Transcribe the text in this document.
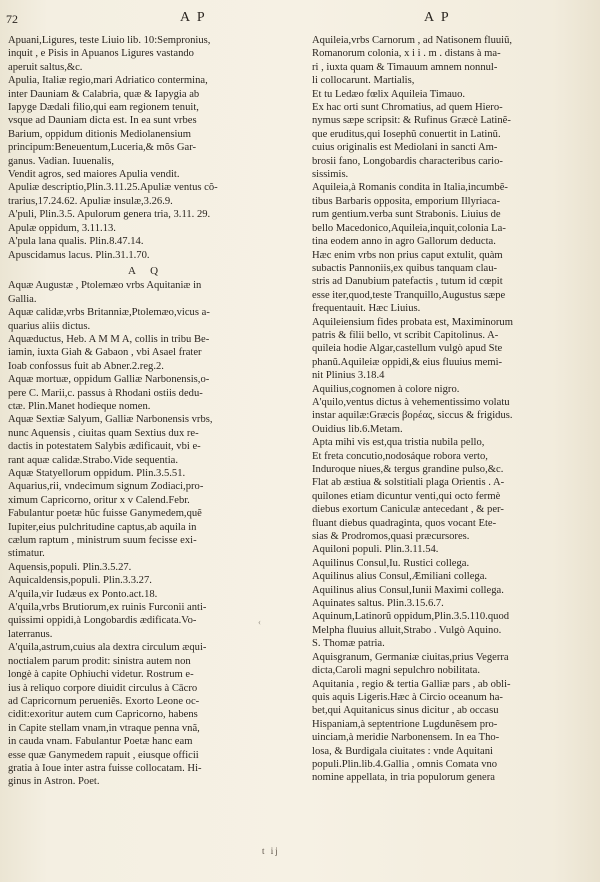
72	A P	A P

Apuani,Ligures, teste Liuio lib. 10:Sempronius,
inquit , e Pisis in Apuanos Ligures vastando
aperuit saltus,&c.

Apulia, Italiæ regio,mari Adriatico contermina,
inter Dauniam & Calabria, quæ & Iapygia ab
Iapyge Dædali filio,qui eam regionem tenuit,
vsque ad Dauniam dicta est. In ea sunt vrbes
Barium, oppidum ditionis Mediolanensium
principum:Beneuentum,Luceria,& mõs Gar-
ganus. Vadian. Iuuenalis,

Vendit agros, sed maiores Apulia vendit.

Apuliæ descriptio,Plin.3.11.25.Apuliæ ventus cõ-
trarius,17.24.62. Apuliæ insulæ,3.26.9.

A'puli, Plin.3.5. Apulorum genera tria, 3.11. 29.
Apulæ oppidum, 3.11.13.

A'pula lana qualis. Plin.8.47.14.

Apuscidamus lacus. Plin.31.1.70.

A Q

Aquæ Augustæ , Ptolemæo vrbs Aquitaniæ in
Gallia.

Aquæ calidæ,vrbs Britanniæ,Ptolemæo,vicus a-
quarius aliis dictus.

Aquæductus, Heb. A M M A, collis in tribu Be-
iamin, iuxta Giah & Gabaon , vbi Asael frater
Ioab confossus fuit ab Abner.2.reg.2.

Aquæ mortuæ, oppidum Galliæ Narbonensis,o-
pere C. Marii,c. passus à Rhodani ostiis dedu-
ctæ. Plin.Manet hodieque nomen.

Aquæ Sextiæ Salyum, Galliæ Narbonensis vrbs,
nunc Aquensis , ciuitas quam Sextius dux re-
dactis in potestatem Salybis ædificauit, vbi e-
rant aquæ calidæ.Strabo.Vide sequentia.

Aquæ Statyellorum oppidum. Plin.3.5.51.

Aquarius,rii, vndecimum signum Zodiaci,pro-
ximum Capricorno, oritur x v Calend.Febr.
Fabulantur poetæ hũc fuisse Ganymedem,quẽ
Iupiter,eius pulchritudine captus,ab aquila in
cælum raptum , ministrum suum fecisse exi-
stimatur.

Aquensis,populi. Plin.3.5.27.

Aquicaldensis,populi. Plin.3.3.27.

A'quila,vir Iudæus ex Ponto.act.18.

A'quila,vrbs Brutiorum,ex ruinis Furconii anti-
quissimi oppidi,à Longobardis ædificata.Vo-
laterranus.

A'quila,astrum,cuius ala dextra circulum æqui-
noctialem parum prodit: sinistra autem non
longè à capite Ophiuchi videtur. Rostrum e-
ius à reliquo corpore diuidit circulus à Cācro
ad Capricornum perueniẽs. Exorto Leone oc-
cidit:exoritur autem cum Capricorno, habens
in Capite stellam vnam,in vtraque penna vnã,
in cauda vnam. Fabulantur Poetæ hanc eam
esse quæ Ganymedem rapuit , eiusque officii
gratia à Ioue inter astra fuisse collocatam. Hi-
ginus in Astron. Poet.

Aquileia,vrbs Carnorum , ad Natisonem fluuiũ,
Romanorum colonia, x i i . m . distans à ma-
ri , iuxta quam & Timauum amnem nonnul-
li collocarunt. Martialis,

Et tu Ledæo fœlix Aquileia Timauo.

Ex hac orti sunt Chromatius, ad quem Hiero-
nymus sæpe scripsit: & Rufinus Græcè Latinẽ-
que eruditus,qui Iosephũ conuertit in Latinũ.
cuius originalis est Mediolani in sancti Am-
brosii fano, Longobardis characteribus cario-
sissimis.

Aquileia,à Romanis condita in Italia,incumbẽ-
tibus Barbaris opposita, emporium Illyriaca-
rum gentium.verba sunt Strabonis. Liuius de
bello Macedonico,Aquileia,inquit,colonia La-
tina eodem anno in agro Gallorum deducta.
Hæc enim vrbs non prius caput extulit, quàm
subactis Pannoniis,ex quibus tanquam clau-
stris ad Danubium patefactis , tutum id cœpit
esse iter,quod,teste Tranquillo,Augustus sæpe
frequentauit. Hæc Liuius.

Aquileiensium fides probata est, Maximinorum
patris & filii bello, vt scribit Capitolinus. A-
quileia hodie Algar,castellum vulgò apud Ste
phanũ.Aquileiæ oppidi,& eius fluuius memi-
nit Plinius 3.18.4

Aquilius,cognomen à colore nigro.

A'quilo,ventus dictus à vehementissimo volatu
instar aquilæ:Græcis βορέας, siccus & frigidus.
Ouidius lib.6.Metam.

Apta mihi vis est,qua tristia nubila pello,
Et freta concutio,nodosáque robora verto,
Induroque niues,& tergus grandine pulso,&c.
Flat ab æstiua & solstitiali plaga Orientis . A-
quilones etiam dicuntur venti,qui octo fermè
diebus exortum Caniculæ antecedant , & per-
fluant diebus quadraginta, quos vocant Ete-
sias & Prodromos,quasi præcursores.

Aquiloni populi. Plin.3.11.54.

Aquilinus Consul,Iu. Rustici collega.

Aquilinus alius Consul,Æmiliani collega.

Aquilinus alius Consul,Iunii Maximi collega.

Aquinates saltus. Plin.3.15.6.7.

Aquinum,Latinorũ oppidum,Plin.3.5.110.quod
Melpha fluuius alluit,Strabo . Vulgò Aquino.
S. Thomæ patria.

Aquisgranum, Germaniæ ciuitas,prius Vegerra
dicta,Caroli magni sepulchro nobilitata.

Aquitania , regio & tertia Galliæ pars , ab obli-
quis aquis Ligeris.Hæc à Circio oceanum ha-
bet,qui Aquitanicus sinus dicitur , ab occasu
Hispaniam,à septentrione Lugdunẽsem pro-
uinciam,à meridie Narbonensem. In ea Tho-
losa, & Burdigala ciuitates : vnde Aquitani
populi.Plin.lib.4.Gallia , omnis Comata vno
nomine appellata, in tria populorum genera

‹
t ij
